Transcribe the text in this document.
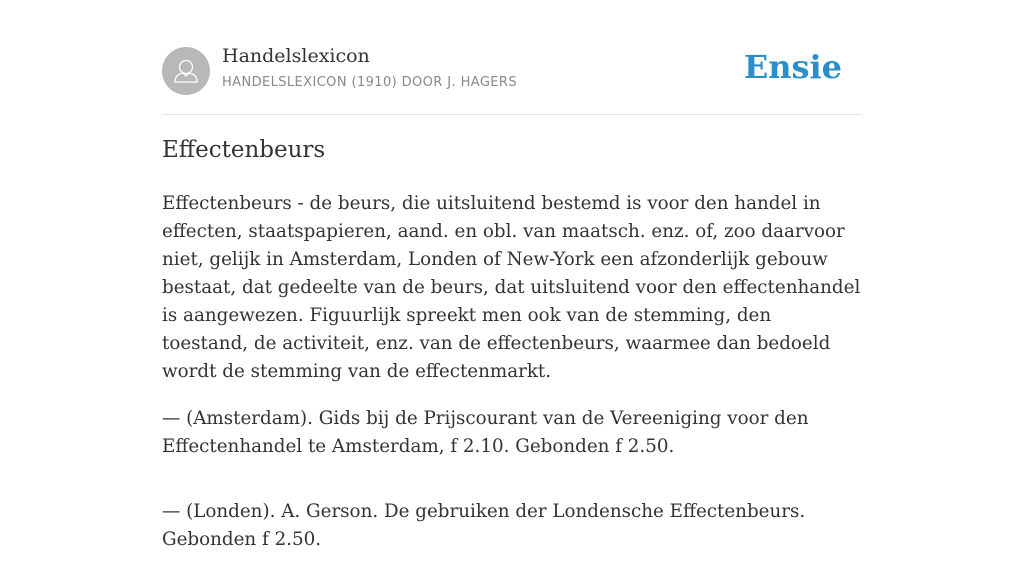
Handelslexicon
HANDELSLEXICON (1910) DOOR J. HAGERS	Ensie
Effectenbeurs

Effectenbeurs - de beurs, die uitsluitend bestemd is voor den handel in effecten, staatspapieren, aand. en obl. van maatsch. enz. of, zoo daarvoor niet, gelijk in Amsterdam, Londen of New-York een afzonderlijk gebouw bestaat, dat gedeelte van de beurs, dat uitsluitend voor den effectenhandel is aangewezen. Figuurlijk spreekt men ook van de stemming, den toestand, de activiteit, enz. van de effectenbeurs, waarmee dan bedoeld wordt de stemming van de effectenmarkt.

— (Amsterdam). Gids bij de Prijscourant van de Vereeniging voor den Effectenhandel te Amsterdam, f 2.10. Gebonden f 2.50.

— (Londen). A. Gerson. De gebruiken der Londensche Effectenbeurs. Gebonden f 2.50.
